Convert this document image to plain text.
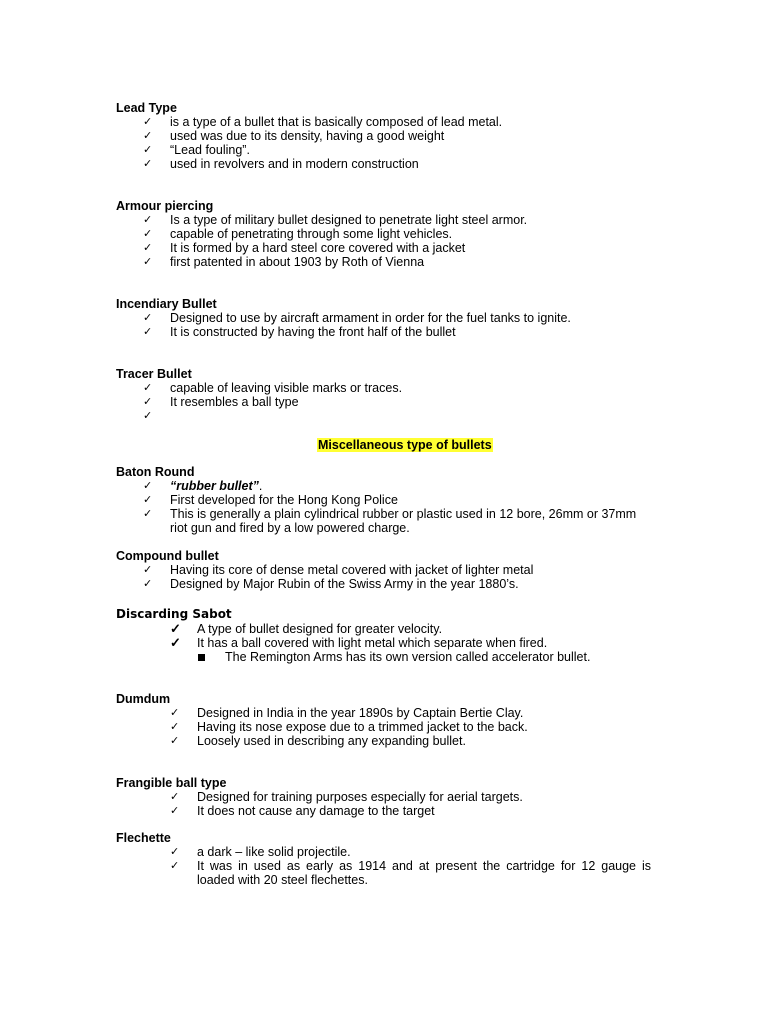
Lead Type
✓ is a type of a bullet that is basically composed of lead metal.
✓ used was due to its density, having a good weight
✓ “Lead fouling”.
✓ used in revolvers and in modern construction
Armour piercing
✓ Is a type of military bullet designed to penetrate light steel armor.
✓ capable of penetrating through some light vehicles.
✓ It is formed by a hard steel core covered with a jacket
✓ first patented in about 1903 by Roth of Vienna
Incendiary Bullet
✓ Designed to use by aircraft armament in order for the fuel tanks to ignite.
✓ It is constructed by having the front half of the bullet
Tracer Bullet
✓ capable of leaving visible marks or traces.
✓ It resembles a ball type
✓
Miscellaneous type of bullets
Baton Round
✓ “rubber bullet”.
✓ First developed for the Hong Kong Police
✓ This is generally a plain cylindrical rubber or plastic used in 12 bore, 26mm or 37mm riot gun and fired by a low powered charge.
Compound bullet
✓ Having its core of dense metal covered with jacket of lighter metal
✓ Designed by Major Rubin of the Swiss Army in the year 1880’s.
Discarding Sabot
✓ A type of bullet designed for greater velocity.
✓ It has a ball covered with light metal which separate when fired.
The Remington Arms has its own version called accelerator bullet.
Dumdum
✓ Designed in India in the year 1890s by Captain Bertie Clay.
✓ Having its nose expose due to a trimmed jacket to the back.
✓ Loosely used in describing any expanding bullet.
Frangible ball type
✓ Designed for training purposes especially for aerial targets.
✓ It does not cause any damage to the target
Flechette
✓ a dark – like solid projectile.
✓ It was in used as early as 1914 and at present the cartridge for 12 gauge is loaded with 20 steel flechettes.
